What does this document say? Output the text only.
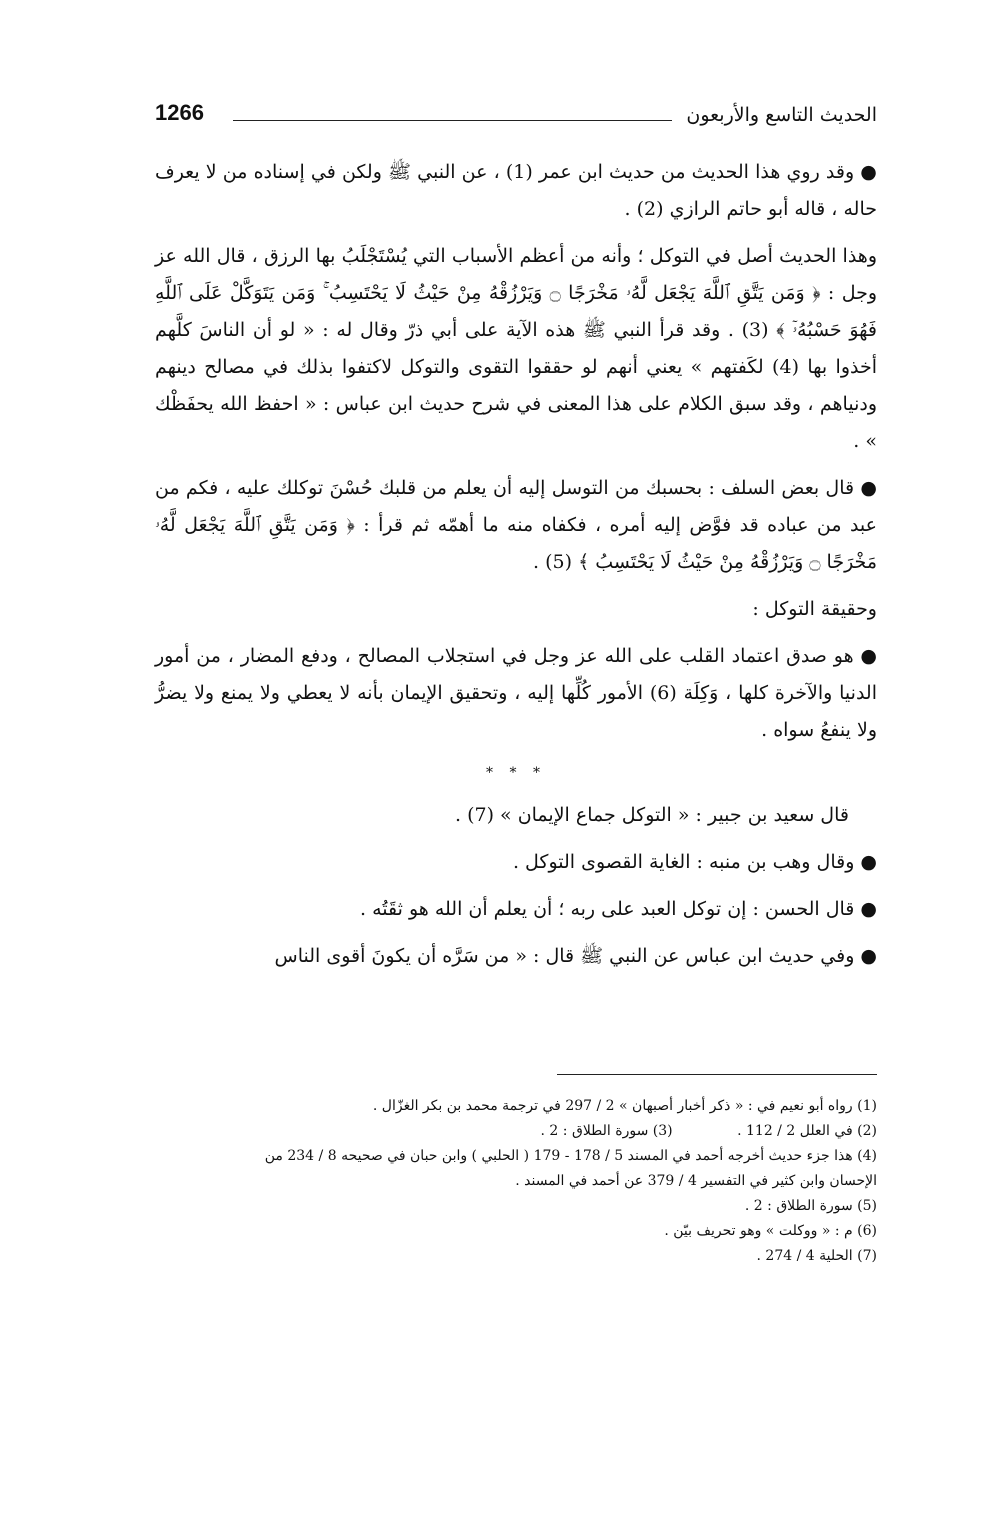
الحديث التاسع والأربعون
1266

● وقد روي هذا الحديث من حديث ابن عمر (1) ، عن النبي ﷺ ولكن في إسناده من لا يعرف حاله ، قاله أبو حاتم الرازي (2) .

وهذا الحديث أصل في التوكل ؛ وأنه من أعظم الأسباب التي يُسْتَجْلَبُ بها الرزق ، قال الله عز وجل : ﴿ وَمَن يَتَّقِ ٱللَّهَ يَجْعَل لَّهُۥ مَخْرَجًا ۝ وَيَرْزُقْهُ مِنْ حَيْثُ لَا يَحْتَسِبُ ۚ وَمَن يَتَوَكَّلْ عَلَى ٱللَّهِ فَهُوَ حَسْبُهُۥٓ ﴾ (3) . وقد قرأ النبي ﷺ هذه الآية على أبي ذرّ وقال له : « لو أن الناسَ كلَّهم أخذوا بها (4) لكَفتهم » يعني أنهم لو حققوا التقوى والتوكل لاكتفوا بذلك في مصالح دينهم ودنياهم ، وقد سبق الكلام على هذا المعنى في شرح حديث ابن عباس : « احفظ الله يحفَظْك » .

● قال بعض السلف : بحسبك من التوسل إليه أن يعلم من قلبك حُسْنَ توكلك عليه ، فكم من عبد من عباده قد فوَّض إليه أمره ، فكفاه منه ما أهمّه ثم قرأ : ﴿ وَمَن يَتَّقِ ٱللَّهَ يَجْعَل لَّهُۥ مَخْرَجًا ۝ وَيَرْزُقْهُ مِنْ حَيْثُ لَا يَحْتَسِبُ ﴾ (5) .

وحقيقة التوكل :

● هو صدق اعتماد القلب على الله عز وجل في استجلاب المصالح ، ودفع المضار ، من أمور الدنيا والآخرة كلها ، وَكِلَة (6) الأمور كُلِّها إليه ، وتحقيق الإيمان بأنه لا يعطي ولا يمنع ولا يضرُّ ولا ينفعُ سواه .

* * *

قال سعيد بن جبير : « التوكل جماع الإيمان » (7) .

● وقال وهب بن منبه : الغاية القصوى التوكل .

● قال الحسن : إن توكل العبد على ربه ؛ أن يعلم أن الله هو ثقَتُه .

● وفي حديث ابن عباس عن النبي ﷺ قال : « من سَرَّه أن يكونَ أقوى الناس

(1) رواه أبو نعيم في : « ذكر أخبار أصبهان » 2 / 297 في ترجمة محمد بن بكر الغزّال .
(2) في العلل 2 / 112 . (3) سورة الطلاق : 2 .
(4) هذا جزء حديث أخرجه أحمد في المسند 5 / 178 - 179 ( الحلبي ) وابن حبان في صحيحه 8 / 234 من
الإحسان وابن كثير في التفسير 4 / 379 عن أحمد في المسند .
(5) سورة الطلاق : 2 .
(6) م : « ووكلت » وهو تحريف بيّن .
(7) الحلية 4 / 274 .
